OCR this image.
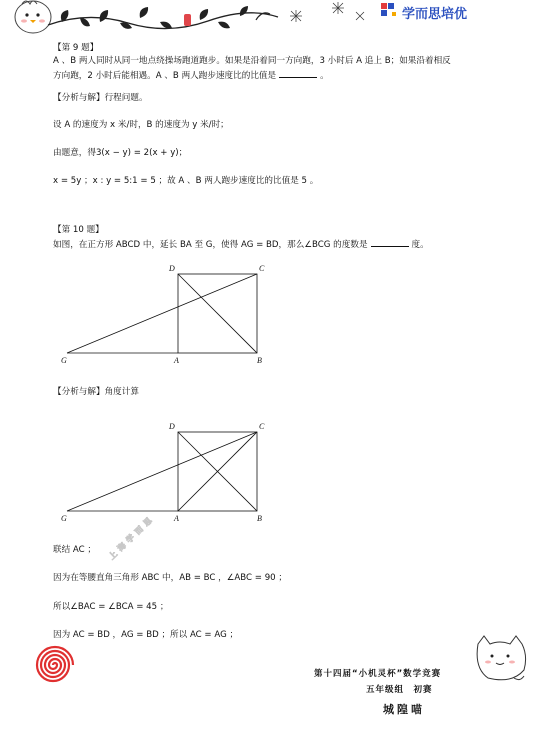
学而思培优
上海学而思
【第 9 题】
A 、B 两人同时从同一地点绕操场跑道跑步。如果是沿着同一方向跑，3 小时后 A 追上 B；如果沿着相反
方向跑，2 小时后能相遇。A 、B 两人跑步速度比的比值是	。
【分析与解】行程问题。
设 A 的速度为 x 米/时，B 的速度为 y 米/时；
由题意，得3(x − y) = 2(x + y)；
x = 5y ；x : y = 5:1 = 5 ；故 A 、B 两人跑步速度比的比值是 5 。
【第 10 题】
如图，在正方形 ABCD 中，延长 BA 至 G，使得 AG = BD，那么∠BCG 的度数是	度。
D	C
G	A	B
【分析与解】角度计算
D	C
G	A	B
联结 AC ；
因为在等腰直角三角形 ABC 中，AB = BC ，∠ABC = 90 ；
所以∠BAC = ∠BCA = 45 ；
因为 AC = BD ，AG = BD ；所以 AC = AG ；
第十四届“小机灵杯”数学竞赛
五年级组　初赛
城隍喵
